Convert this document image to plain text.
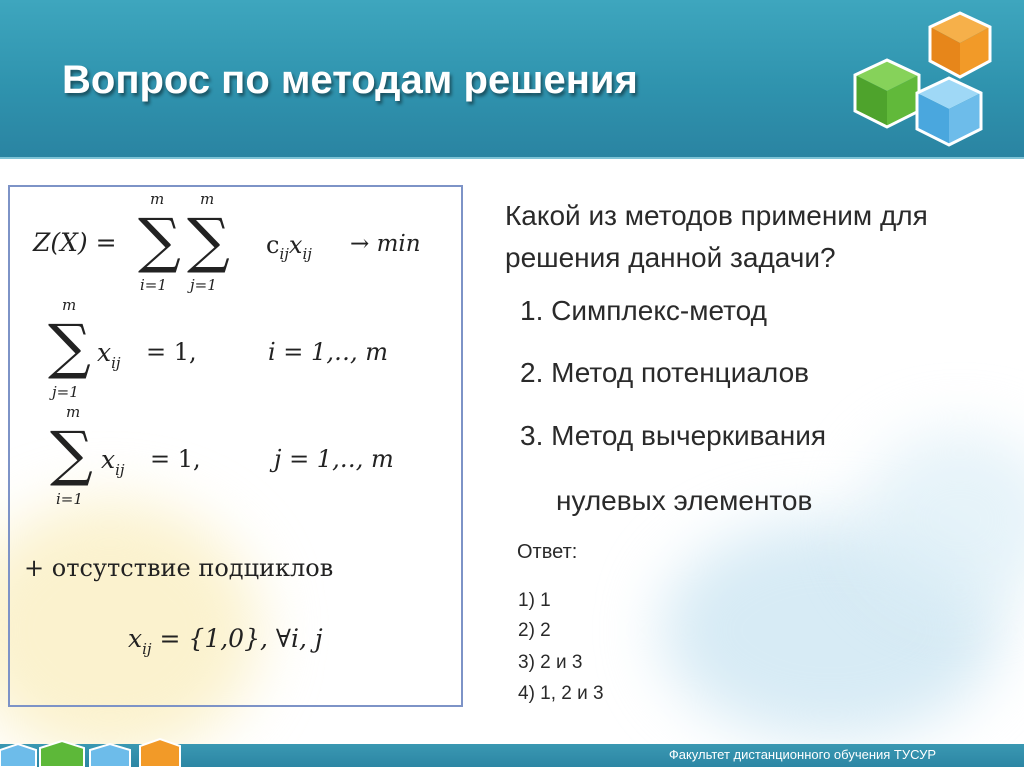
Вопрос по методам решения
Z(X) =
m
∑
i=1
m
∑
j=1
$c_{ij}x_{ij} \to \min$
m
∑
j=1
$x_{ij} = 1$,	i = 1,‥, m
m
∑
i=1
$x_{ij} = 1$,	j = 1,‥, m
+ отсутствие подциклов
$x_{ij} = \{1,0\}$, ∀i, j

Какой из методов применим для решения данной задачи?

1. Симплекс-метод
2. Метод потенциалов
3. Метод вычеркивания
нулевых элементов
Ответ:
1) 1
2) 2
3) 2 и 3
4) 1, 2 и 3
Факультет дистанционного обучения ТУСУР
